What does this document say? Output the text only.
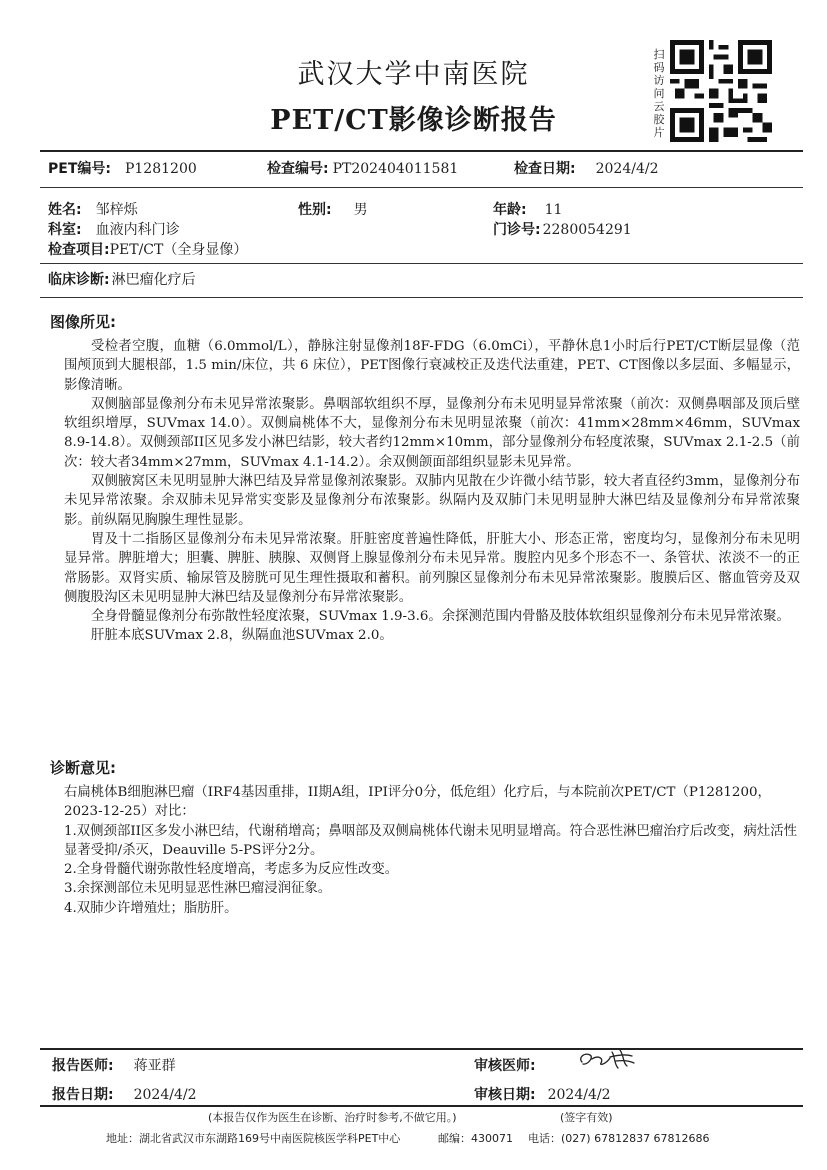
武汉大学中南医院
PET/CT影像诊断报告
扫码访问云胶片
PET编号: P1281200	检查编号: PT202404011581	检查日期: 2024/4/2
姓名: 邹梓烁	性别: 男	年龄: 11
科室: 血液内科门诊	门诊号: 2280054291
检查项目:PET/CT（全身显像）
临床诊断: 淋巴瘤化疗后
图像所见:

受检者空腹，血糖（6.0mmol/L），静脉注射显像剂18F-FDG（6.0mCi），平静休息1小时后行PET/CT断层显像（范围颅顶到大腿根部，1.5 min/床位，共 6 床位），PET图像行衰减校正及迭代法重建，PET、CT图像以多层面、多幅显示，影像清晰。

双侧脑部显像剂分布未见异常浓聚影。鼻咽部软组织不厚，显像剂分布未见明显异常浓聚（前次：双侧鼻咽部及顶后壁软组织增厚，SUVmax 14.0）。双侧扁桃体不大，显像剂分布未见明显浓聚（前次：41mm×28mm×46mm，SUVmax 8.9-14.8）。双侧颈部II区见多发小淋巴结影，较大者约12mm×10mm，部分显像剂分布轻度浓聚，SUVmax 2.1-2.5（前次：较大者34mm×27mm，SUVmax 4.1-14.2）。余双侧颌面部组织显影未见异常。

双侧腋窝区未见明显肿大淋巴结及异常显像剂浓聚影。双肺内见散在少许微小结节影，较大者直径约3mm，显像剂分布未见异常浓聚。余双肺未见异常实变影及显像剂分布浓聚影。纵隔内及双肺门未见明显肿大淋巴结及显像剂分布异常浓聚影。前纵隔见胸腺生理性显影。

胃及十二指肠区显像剂分布未见异常浓聚。肝脏密度普遍性降低，肝脏大小、形态正常，密度均匀，显像剂分布未见明显异常。脾脏增大；胆囊、脾脏、胰腺、双侧肾上腺显像剂分布未见异常。腹腔内见多个形态不一、条管状、浓淡不一的正常肠影。双肾实质、输尿管及膀胱可见生理性摄取和蓄积。前列腺区显像剂分布未见异常浓聚影。腹膜后区、髂血管旁及双侧腹股沟区未见明显肿大淋巴结及显像剂分布异常浓聚影。

全身骨髓显像剂分布弥散性轻度浓聚，SUVmax 1.9-3.6。余探测范围内骨骼及肢体软组织显像剂分布未见异常浓聚。

肝脏本底SUVmax 2.8，纵隔血池SUVmax 2.0。

诊断意见:

右扁桃体B细胞淋巴瘤（IRF4基因重排，II期A组，IPI评分0分，低危组）化疗后，与本院前次PET/CT（P1281200，2023-12-25）对比：

1.双侧颈部II区多发小淋巴结，代谢稍增高；鼻咽部及双侧扁桃体代谢未见明显增高。符合恶性淋巴瘤治疗后改变，病灶活性显著受抑/杀灭，Deauville 5-PS评分2分。

2.全身骨髓代谢弥散性轻度增高，考虑多为反应性改变。

3.余探测部位未见明显恶性淋巴瘤浸润征象。

4.双肺少许增殖灶；脂肪肝。

报告医师: 蒋亚群	审核医师:
报告日期: 2024/4/2	审核日期: 2024/4/2
(本报告仅作为医生在诊断、治疗时参考,不做它用。)	(签字有效)
地址：湖北省武汉市东湖路169号中南医院核医学科PET中心	邮编：430071 电话：(027) 67812837 67812686
